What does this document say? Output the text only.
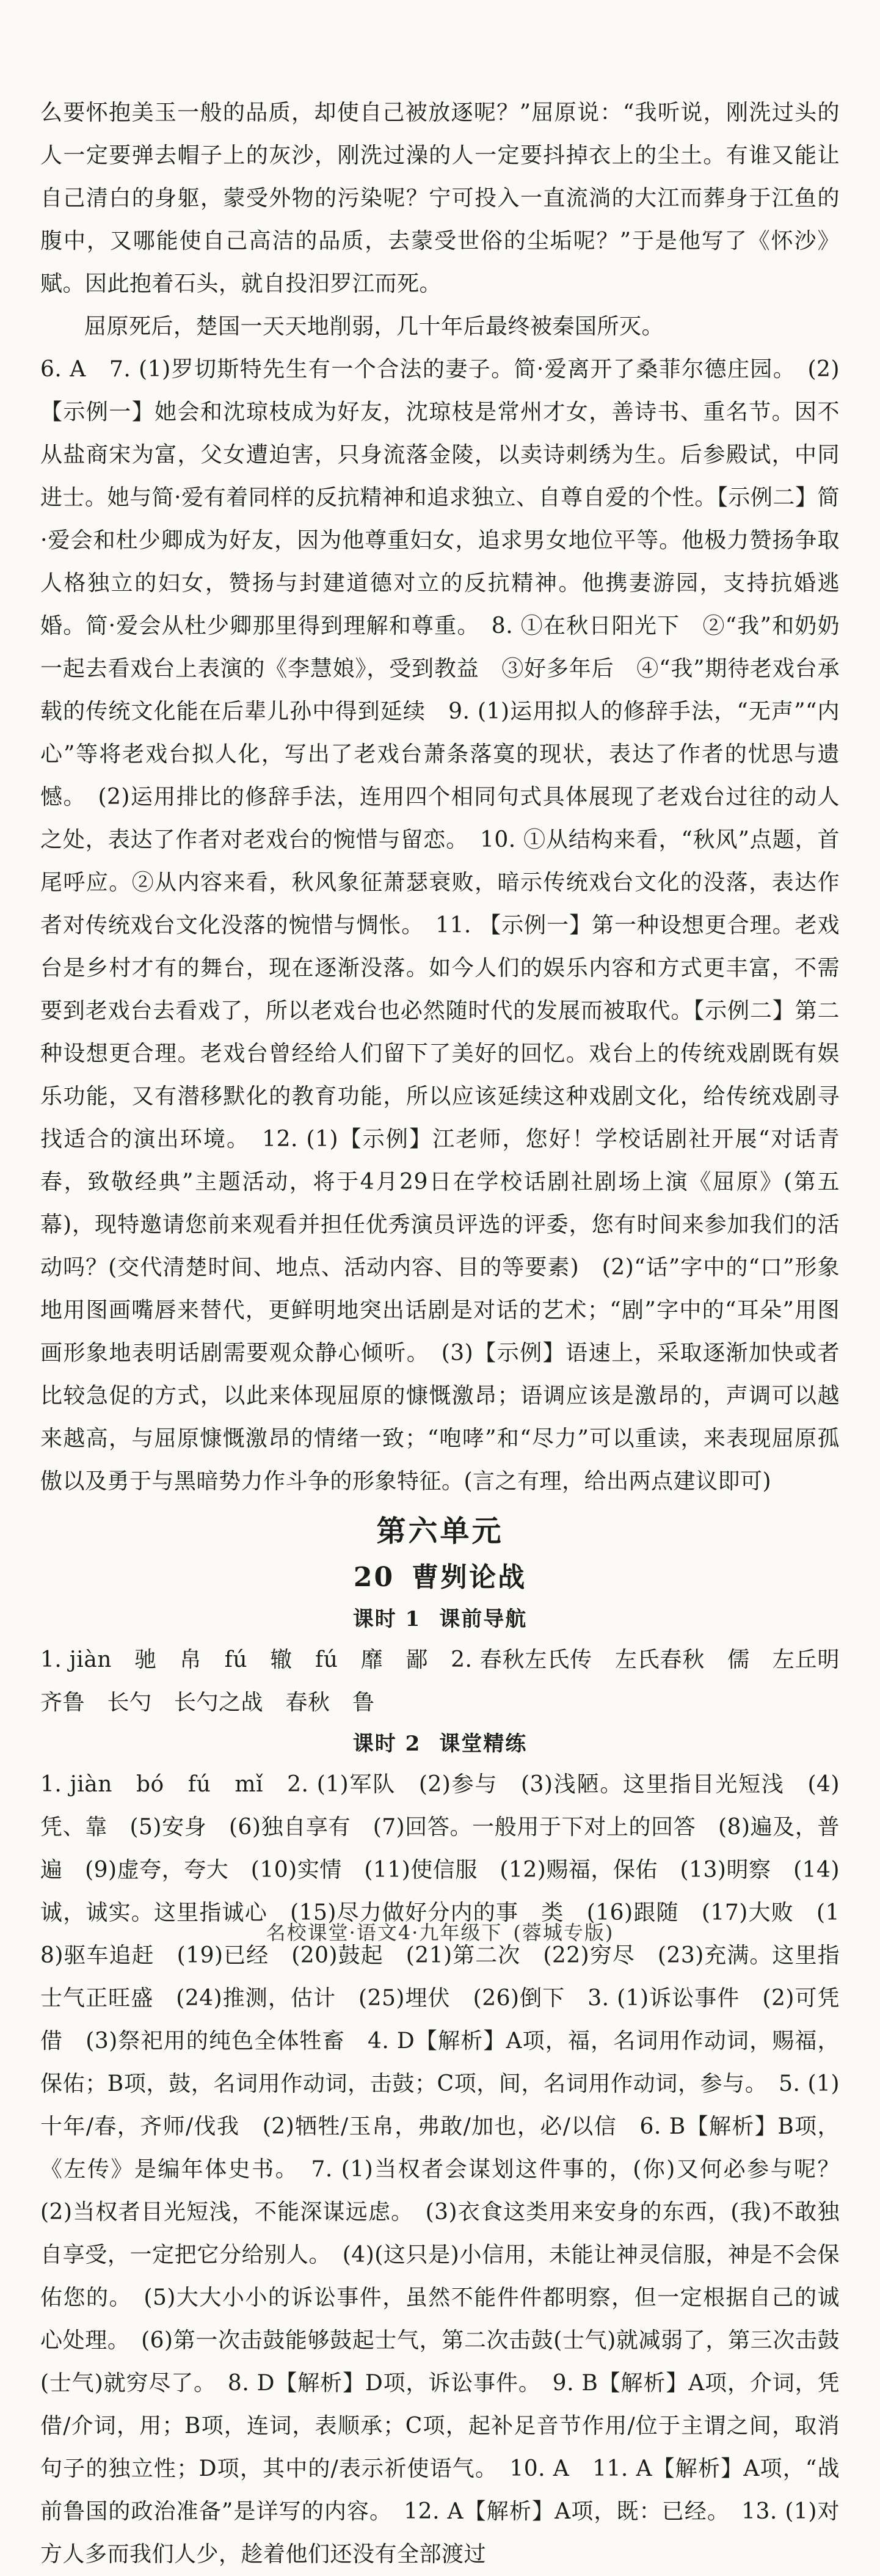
么要怀抱美玉一般的品质，却使自己被放逐呢？”屈原说：“我听说，刚洗过头的人一定要弹去帽子上的灰沙，刚洗过澡的人一定要抖掉衣上的尘土。有谁又能让自己清白的身躯，蒙受外物的污染呢？宁可投入一直流淌的大江而葬身于江鱼的腹中，又哪能使自己高洁的品质，去蒙受世俗的尘垢呢？”于是他写了《怀沙》赋。因此抱着石头，就自投汨罗江而死。

屈原死后，楚国一天天地削弱，几十年后最终被秦国所灭。

6. A　7. (1)罗切斯特先生有一个合法的妻子。简·爱离开了桑菲尔德庄园。　(2)【示例一】她会和沈琼枝成为好友，沈琼枝是常州才女，善诗书、重名节。因不从盐商宋为富，父女遭迫害，只身流落金陵，以卖诗刺绣为生。后参殿试，中同进士。她与简·爱有着同样的反抗精神和追求独立、自尊自爱的个性。【示例二】简·爱会和杜少卿成为好友，因为他尊重妇女，追求男女地位平等。他极力赞扬争取人格独立的妇女，赞扬与封建道德对立的反抗精神。他携妻游园，支持抗婚逃婚。简·爱会从杜少卿那里得到理解和尊重。　8. ①在秋日阳光下　②“我”和奶奶一起去看戏台上表演的《李慧娘》，受到教益　③好多年后　④“我”期待老戏台承载的传统文化能在后辈儿孙中得到延续　9. (1)运用拟人的修辞手法，“无声”“内心”等将老戏台拟人化，写出了老戏台萧条落寞的现状，表达了作者的忧思与遗憾。　(2)运用排比的修辞手法，连用四个相同句式具体展现了老戏台过往的动人之处，表达了作者对老戏台的惋惜与留恋。　10. ①从结构来看，“秋风”点题，首尾呼应。②从内容来看，秋风象征萧瑟衰败，暗示传统戏台文化的没落，表达作者对传统戏台文化没落的惋惜与惆怅。　11. 【示例一】第一种设想更合理。老戏台是乡村才有的舞台，现在逐渐没落。如今人们的娱乐内容和方式更丰富，不需要到老戏台去看戏了，所以老戏台也必然随时代的发展而被取代。【示例二】第二种设想更合理。老戏台曾经给人们留下了美好的回忆。戏台上的传统戏剧既有娱乐功能，又有潜移默化的教育功能，所以应该延续这种戏剧文化，给传统戏剧寻找适合的演出环境。　12. (1)【示例】江老师，您好！学校话剧社开展“对话青春，致敬经典”主题活动，将于4月29日在学校话剧社剧场上演《屈原》(第五幕)，现特邀请您前来观看并担任优秀演员评选的评委，您有时间来参加我们的活动吗？(交代清楚时间、地点、活动内容、目的等要素)　(2)“话”字中的“口”形象地用图画嘴唇来替代，更鲜明地突出话剧是对话的艺术；“剧”字中的“耳朵”用图画形象地表明话剧需要观众静心倾听。　(3)【示例】语速上，采取逐渐加快或者比较急促的方式，以此来体现屈原的慷慨激昂；语调应该是激昂的，声调可以越来越高，与屈原慷慨激昂的情绪一致；“咆哮”和“尽力”可以重读，来表现屈原孤傲以及勇于与黑暗势力作斗争的形象特征。(言之有理，给出两点建议即可)

第六单元
20 曹刿论战
课时 1 课前导航

1. jiàn　驰　帛　fú　辙　fú　靡　鄙　2. 春秋左氏传　左氏春秋　儒　左丘明　齐鲁　长勺　长勺之战　春秋　鲁

课时 2 课堂精练

1. jiàn　bó　fú　mǐ　2. (1)军队　(2)参与　(3)浅陋。这里指目光短浅　(4)凭、靠　(5)安身　(6)独自享有　(7)回答。一般用于下对上的回答　(8)遍及，普遍　(9)虚夸，夸大　(10)实情　(11)使信服　(12)赐福，保佑　(13)明察　(14)诚，诚实。这里指诚心　(15)尽力做好分内的事　类　(16)跟随　(17)大败　(18)驱车追赶　(19)已经　(20)鼓起　(21)第二次　(22)穷尽　(23)充满。这里指士气正旺盛　(24)推测，估计　(25)埋伏　(26)倒下　3. (1)诉讼事件　(2)可凭借　(3)祭祀用的纯色全体牲畜　4. D【解析】A项，福，名词用作动词，赐福，保佑；B项，鼓，名词用作动词，击鼓；C项，间，名词用作动词，参与。　5. (1)十年/春，齐师/伐我　(2)牺牲/玉帛，弗敢/加也，必/以信　6. B【解析】B项，《左传》是编年体史书。　7. (1)当权者会谋划这件事的，(你)又何必参与呢？　(2)当权者目光短浅，不能深谋远虑。　(3)衣食这类用来安身的东西，(我)不敢独自享受，一定把它分给别人。　(4)(这只是)小信用，未能让神灵信服，神是不会保佑您的。　(5)大大小小的诉讼事件，虽然不能件件都明察，但一定根据自己的诚心处理。　(6)第一次击鼓能够鼓起士气，第二次击鼓(士气)就减弱了，第三次击鼓(士气)就穷尽了。　8. D【解析】D项，诉讼事件。　9. B【解析】A项，介词，凭借/介词，用；B项，连词，表顺承；C项，起补足音节作用/位于主谓之间，取消句子的独立性；D项，其中的/表示祈使语气。　10. A　11. A【解析】A项，“战前鲁国的政治准备”是详写的内容。　12. A【解析】A项，既：已经。　13. (1)对方人多而我们人少，趁着他们还没有全部渡过

名校课堂·语文4·九年级下 (蓉城专版)
